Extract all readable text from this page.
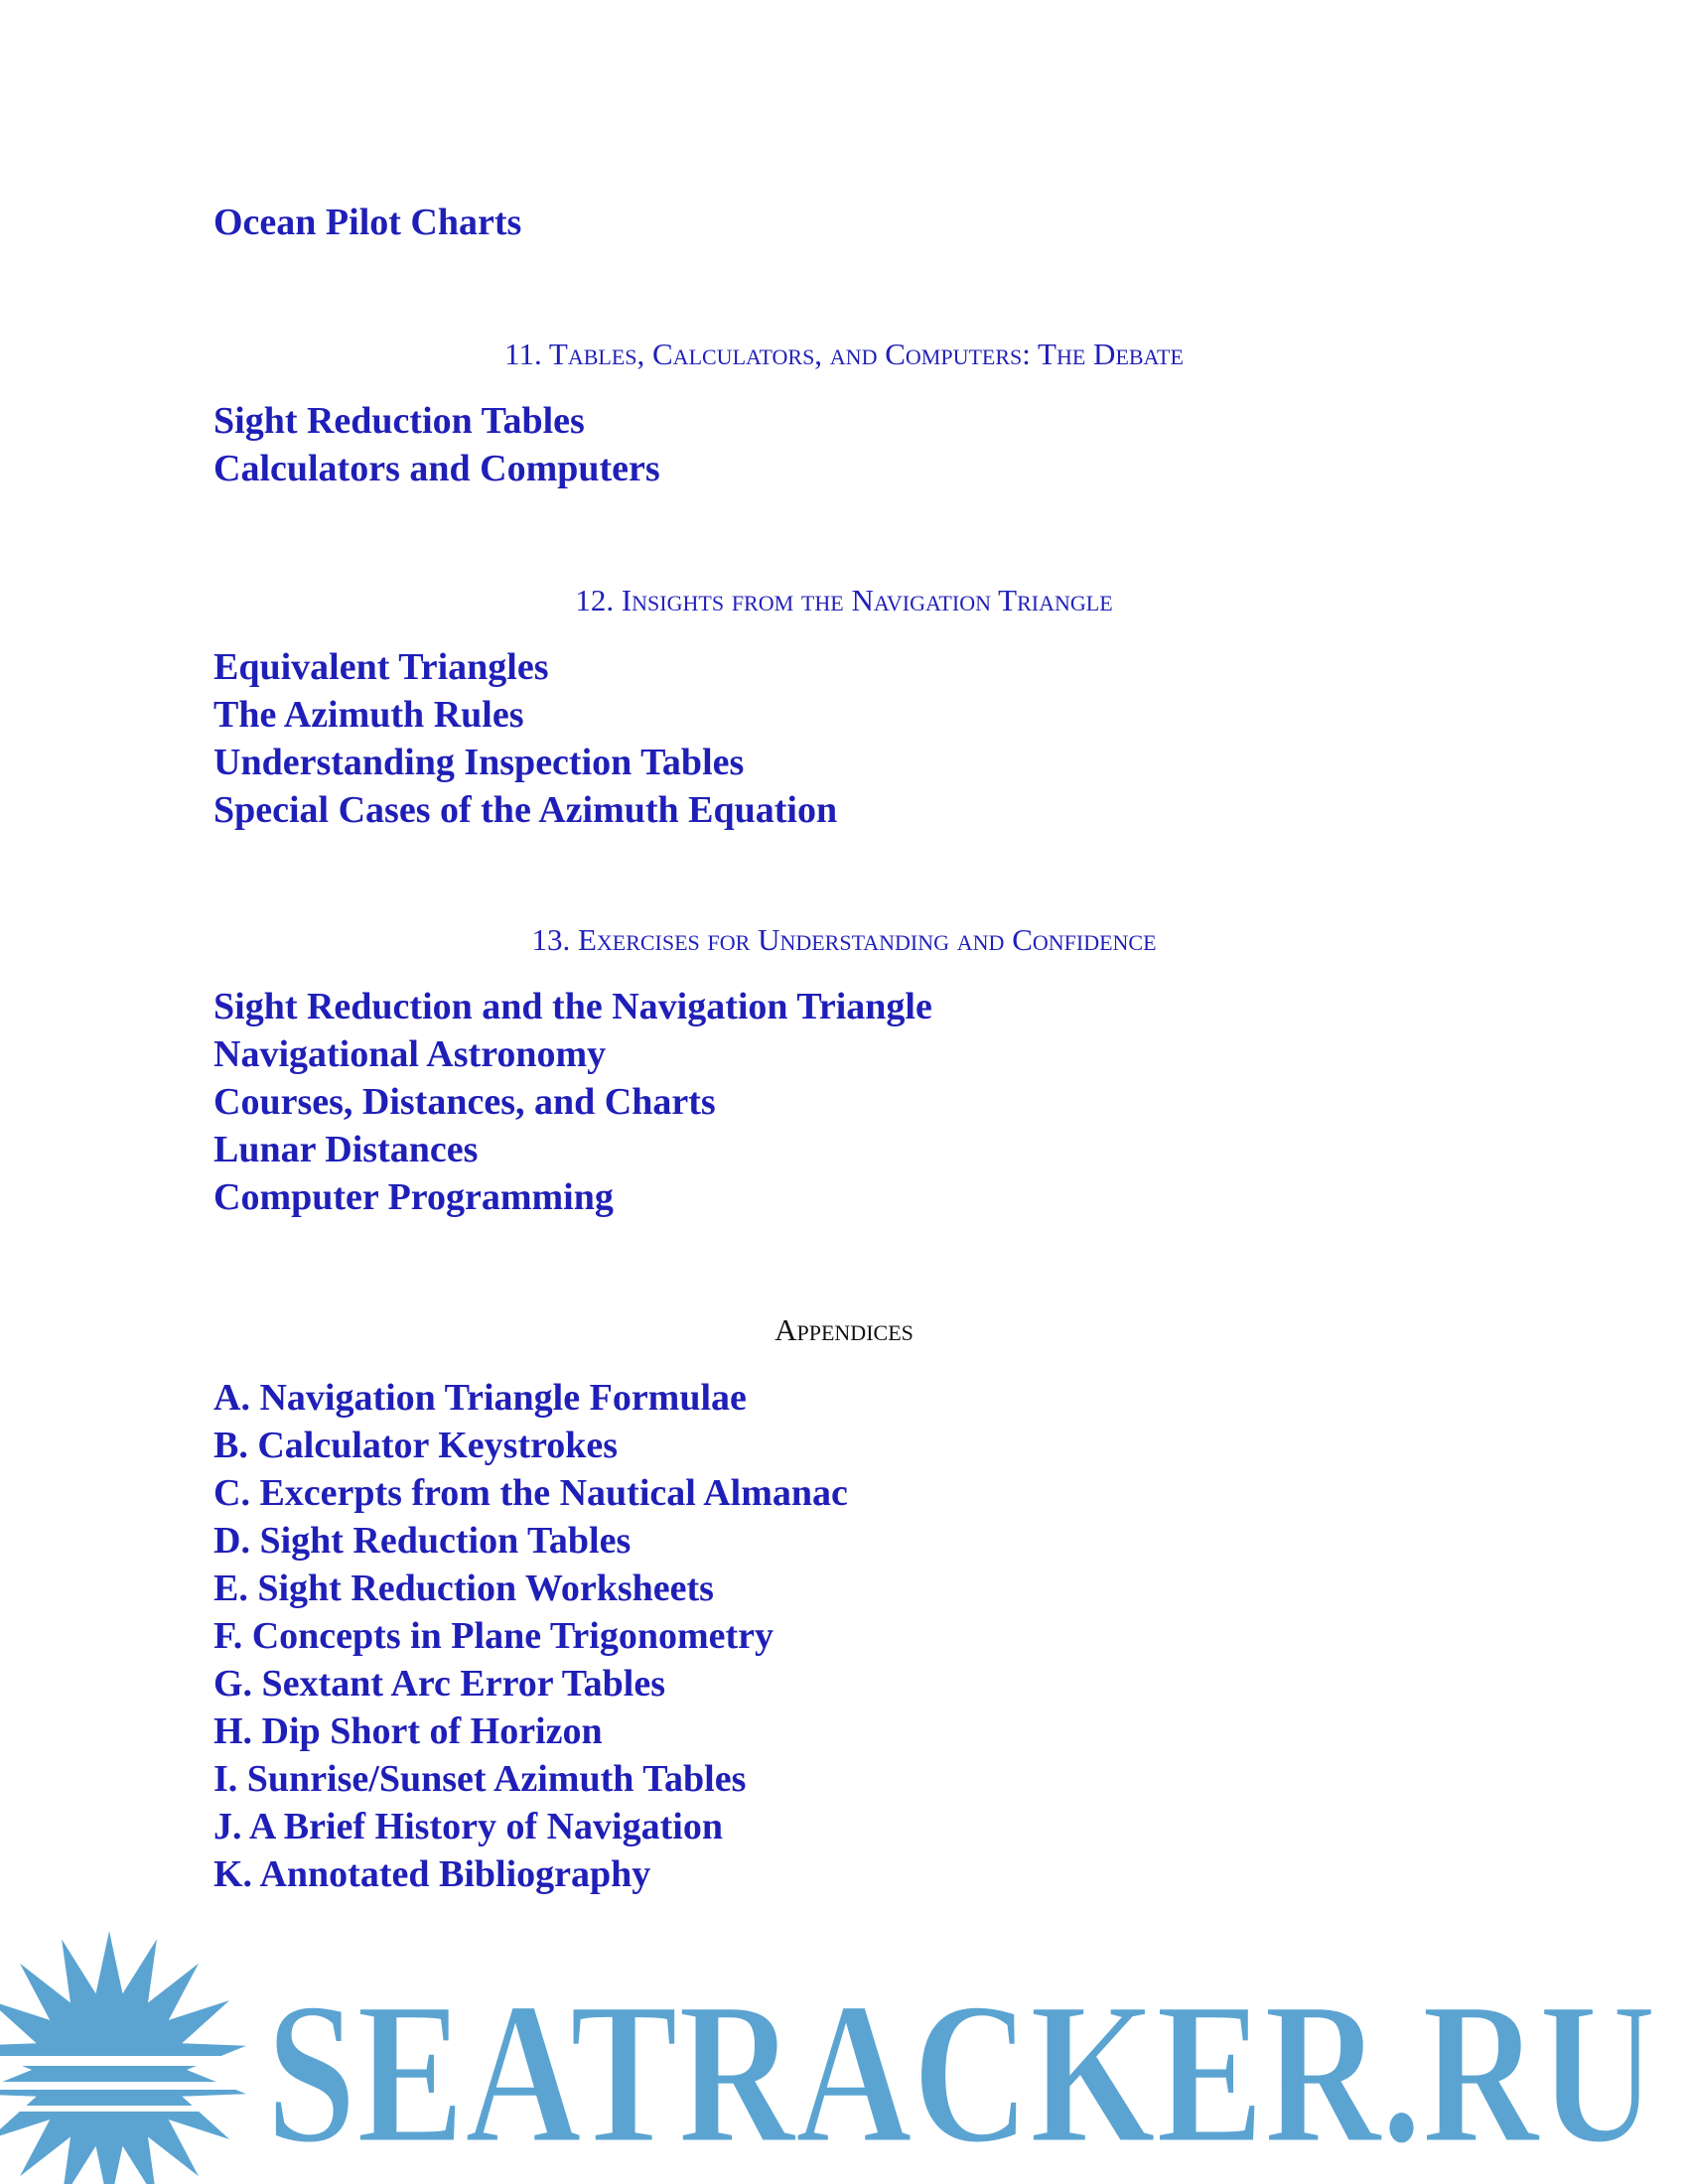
Ocean Pilot Charts
11. Tables, Calculators, and Computers: The Debate
Sight Reduction Tables
Calculators and Computers
12. Insights from the Navigation Triangle
Equivalent Triangles
The Azimuth Rules
Understanding Inspection Tables
Special Cases of the Azimuth Equation
13. Exercises for Understanding and Confidence
Sight Reduction and the Navigation Triangle
Navigational Astronomy
Courses, Distances, and Charts
Lunar Distances
Computer Programming
Appendices
A. Navigation Triangle Formulae
B. Calculator Keystrokes
C. Excerpts from the Nautical Almanac
D. Sight Reduction Tables
E. Sight Reduction Worksheets
F. Concepts in Plane Trigonometry
G. Sextant Arc Error Tables
H. Dip Short of Horizon
I. Sunrise/Sunset Azimuth Tables
J. A Brief History of Navigation
K. Annotated Bibliography
SEATRACKER.RU
